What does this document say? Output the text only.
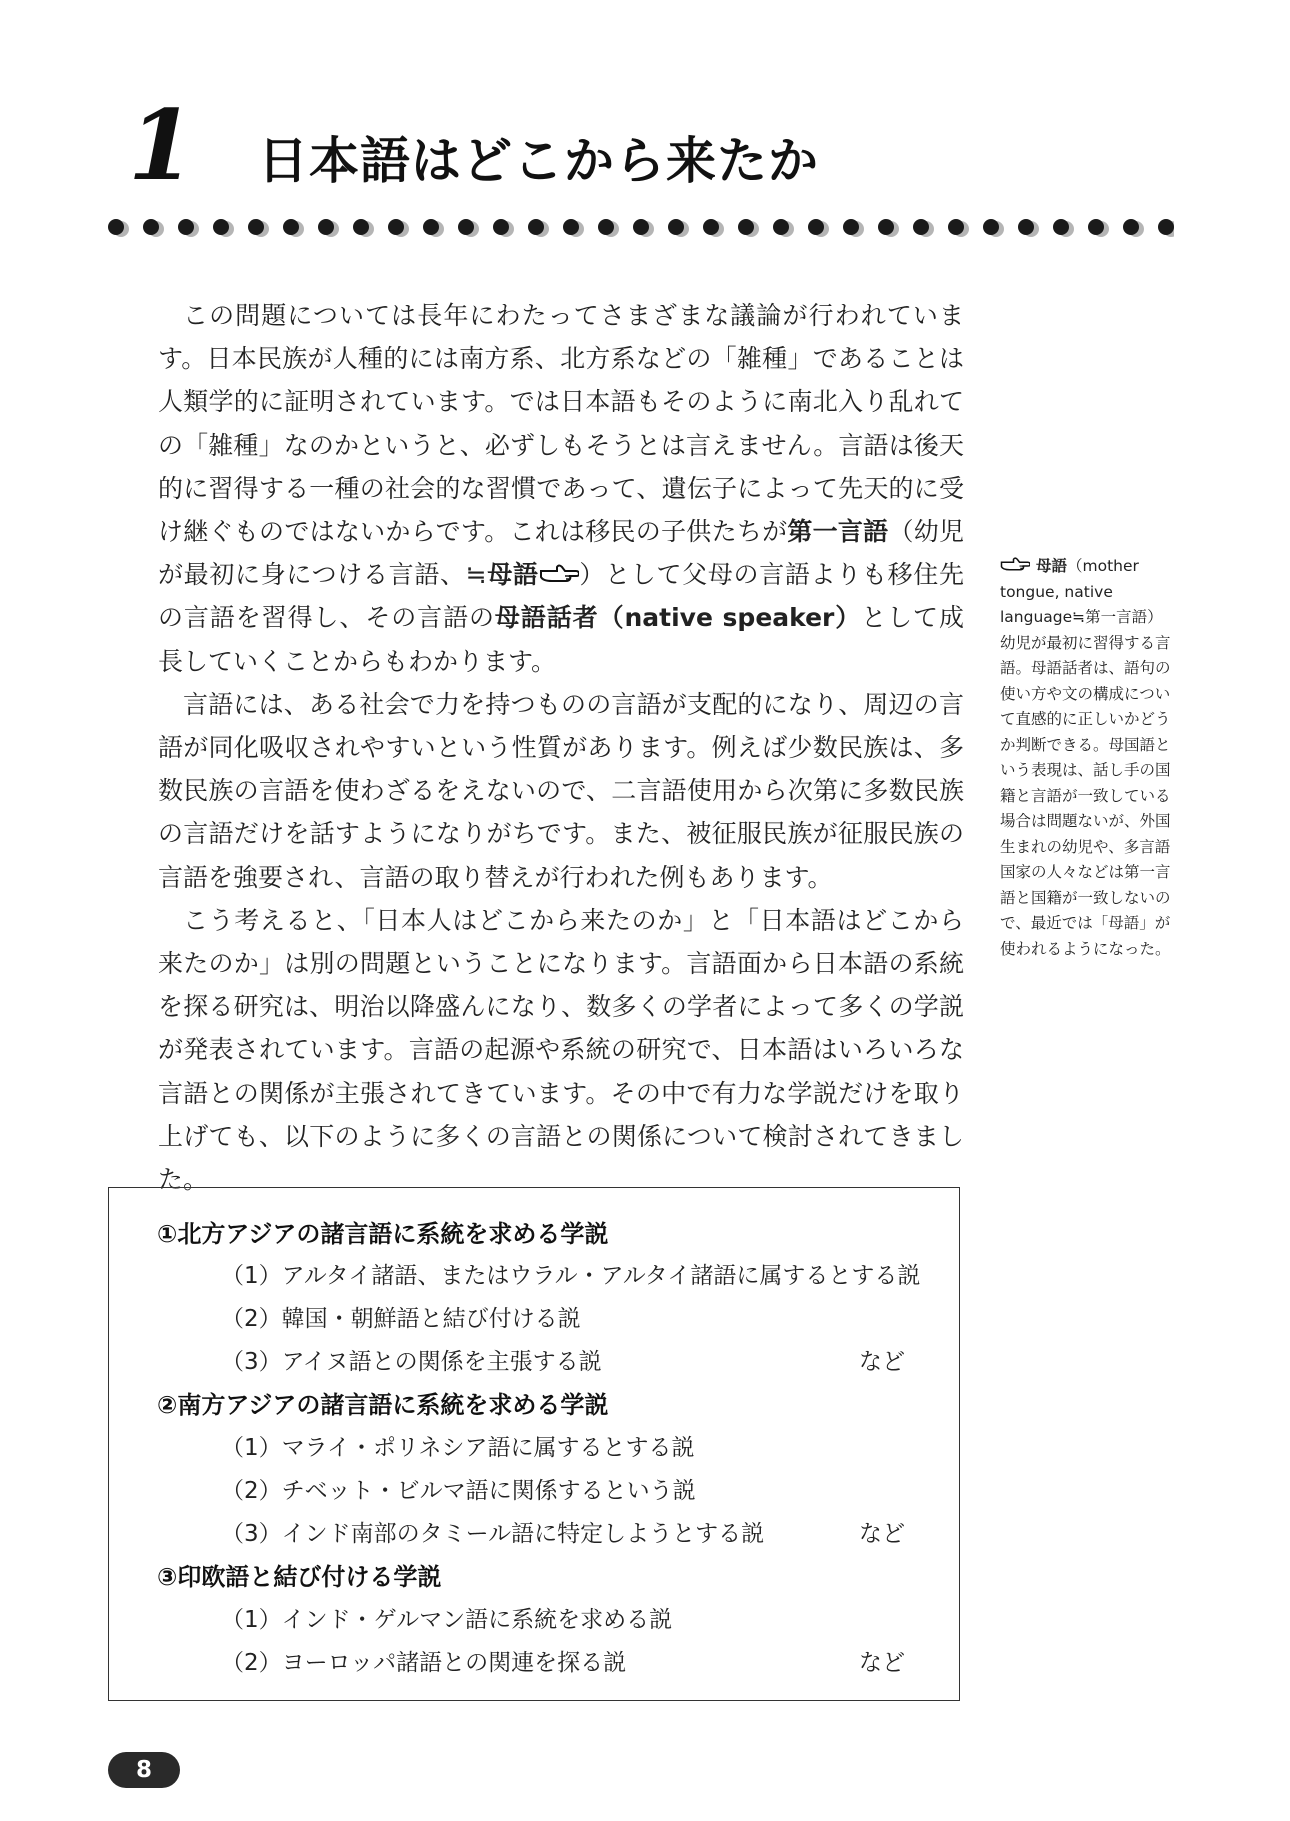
1 日本語はどこから来たか

この問題については長年にわたってさまざまな議論が行われています。日本民族が人種的には南方系、北方系などの「雑種」であることは人類学的に証明されています。では日本語もそのように南北入り乱れての「雑種」なのかというと、必ずしもそうとは言えません。言語は後天的に習得する一種の社会的な習慣であって、遺伝子によって先天的に受け継ぐものではないからです。これは移民の子供たちが第一言語（幼児が最初に身につける言語、≒母語 ）として父母の言語よりも移住先の言語を習得し、その言語の母語話者（native speaker）として成長していくことからもわかります。

言語には、ある社会で力を持つものの言語が支配的になり、周辺の言語が同化吸収されやすいという性質があります。例えば少数民族は、多数民族の言語を使わざるをえないので、二言語使用から次第に多数民族の言語だけを話すようになりがちです。また、被征服民族が征服民族の言語を強要され、言語の取り替えが行われた例もあります。

こう考えると、「日本人はどこから来たのか」と「日本語はどこから来たのか」は別の問題ということになります。言語面から日本語の系統を探る研究は、明治以降盛んになり、数多くの学者によって多くの学説が発表されています。言語の起源や系統の研究で、日本語はいろいろな言語との関係が主張されてきています。その中で有力な学説だけを取り上げても、以下のように多くの言語との関係について検討されてきました。

母語（mother tongue, native language≒第一言語）幼児が最初に習得する言語。母語話者は、語句の使い方や文の構成について直感的に正しいかどうか判断できる。母国語という表現は、話し手の国籍と言語が一致している場合は問題ないが、外国生まれの幼児や、多言語国家の人々などは第一言語と国籍が一致しないので、最近では「母語」が使われるようになった。
①北方アジアの諸言語に系統を求める学説
（1）アルタイ諸語、またはウラル・アルタイ諸語に属するとする説
（2）韓国・朝鮮語と結び付ける説
（3）アイヌ語との関係を主張する説	など
②南方アジアの諸言語に系統を求める学説
（1）マライ・ポリネシア語に属するとする説
（2）チベット・ビルマ語に関係するという説
（3）インド南部のタミール語に特定しようとする説	など
③印欧語と結び付ける学説
（1）インド・ゲルマン語に系統を求める説
（2）ヨーロッパ諸語との関連を探る説	など
8
